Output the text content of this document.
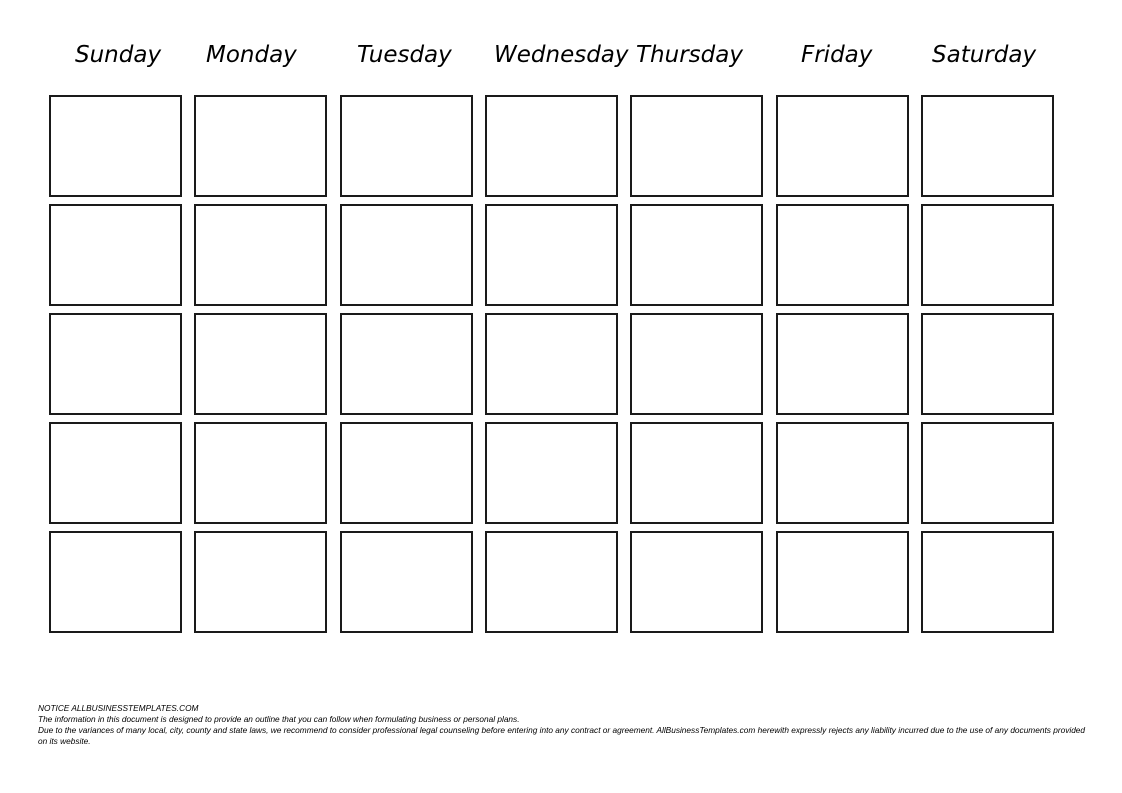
Sunday Monday	Tuesday Wednesday Thursday	Friday	Saturday
NOTICE ALLBUSINESSTEMPLATES.COM
The information in this document is designed to provide an outline that you can follow when formulating business or personal plans.
Due to the variances of many local, city, county and state laws, we recommend to consider professional legal counseling before entering into any contract or agreement. AllBusinessTemplates.com herewith expressly rejects any liability incurred due to the use of any documents provided on its website.
